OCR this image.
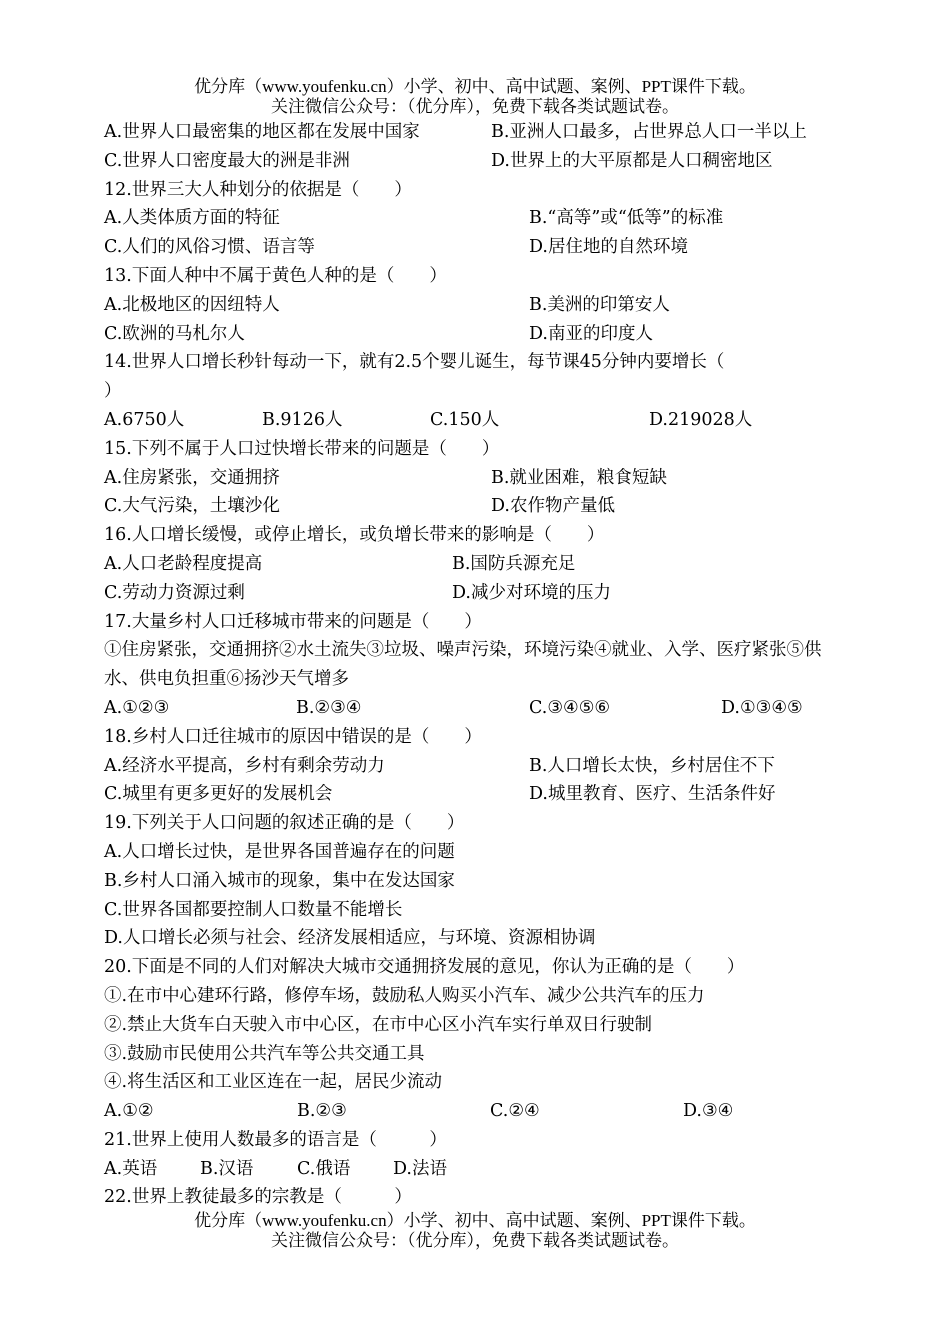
优分库（www.youfenku.cn）小学、初中、高中试题、案例、PPT课件下载。
关注微信公众号：（优分库），免费下载各类试题试卷。
A.世界人口最密集的地区都在发展中国家	B.亚洲人口最多，占世界总人口一半以上
C.世界人口密度最大的洲是非洲	D.世界上的大平原都是人口稠密地区
12.世界三大人种划分的依据是（　　）
A.人类体质方面的特征	B.“高等”或“低等”的标准
C.人们的风俗习惯、语言等	D.居住地的自然环境
13.下面人种中不属于黄色人种的是（　　）
A.北极地区的因纽特人	B.美洲的印第安人
C.欧洲的马札尔人	D.南亚的印度人
14.世界人口增长秒针每动一下，就有2.5个婴儿诞生，每节课45分钟内要增长（
）
A.6750人	B.9126人	C.150人	D.219028人
15.下列不属于人口过快增长带来的问题是（　　）
A.住房紧张，交通拥挤	B.就业困难，粮食短缺
C.大气污染，土壤沙化	D.农作物产量低
16.人口增长缓慢，或停止增长，或负增长带来的影响是（　　）
A.人口老龄程度提高	B.国防兵源充足
C.劳动力资源过剩	D.减少对环境的压力
17.大量乡村人口迁移城市带来的问题是（　　）
①住房紧张，交通拥挤②水土流失③垃圾、噪声污染，环境污染④就业、入学、医疗紧张⑤供水、供电负担重⑥扬沙天气增多
A.①②③	B.②③④	C.③④⑤⑥	D.①③④⑤
18.乡村人口迁往城市的原因中错误的是（　　）
A.经济水平提高，乡村有剩余劳动力	B.人口增长太快，乡村居住不下
C.城里有更多更好的发展机会	D.城里教育、医疗、生活条件好
19.下列关于人口问题的叙述正确的是（　　）
A.人口增长过快，是世界各国普遍存在的问题
B.乡村人口涌入城市的现象，集中在发达国家
C.世界各国都要控制人口数量不能增长
D.人口增长必须与社会、经济发展相适应，与环境、资源相协调
20.下面是不同的人们对解决大城市交通拥挤发展的意见，你认为正确的是（　　）
①.在市中心建环行路，修停车场，鼓励私人购买小汽车、减少公共汽车的压力
②.禁止大货车白天驶入市中心区，在市中心区小汽车实行单双日行驶制
③.鼓励市民使用公共汽车等公共交通工具
④.将生活区和工业区连在一起，居民少流动
A.①②	B.②③	C.②④	D.③④
21.世界上使用人数最多的语言是（　　　）
A.英语 B.汉语 C.俄语 D.法语
22.世界上教徒最多的宗教是（　　　）
优分库（www.youfenku.cn）小学、初中、高中试题、案例、PPT课件下载。
关注微信公众号：（优分库），免费下载各类试题试卷。
